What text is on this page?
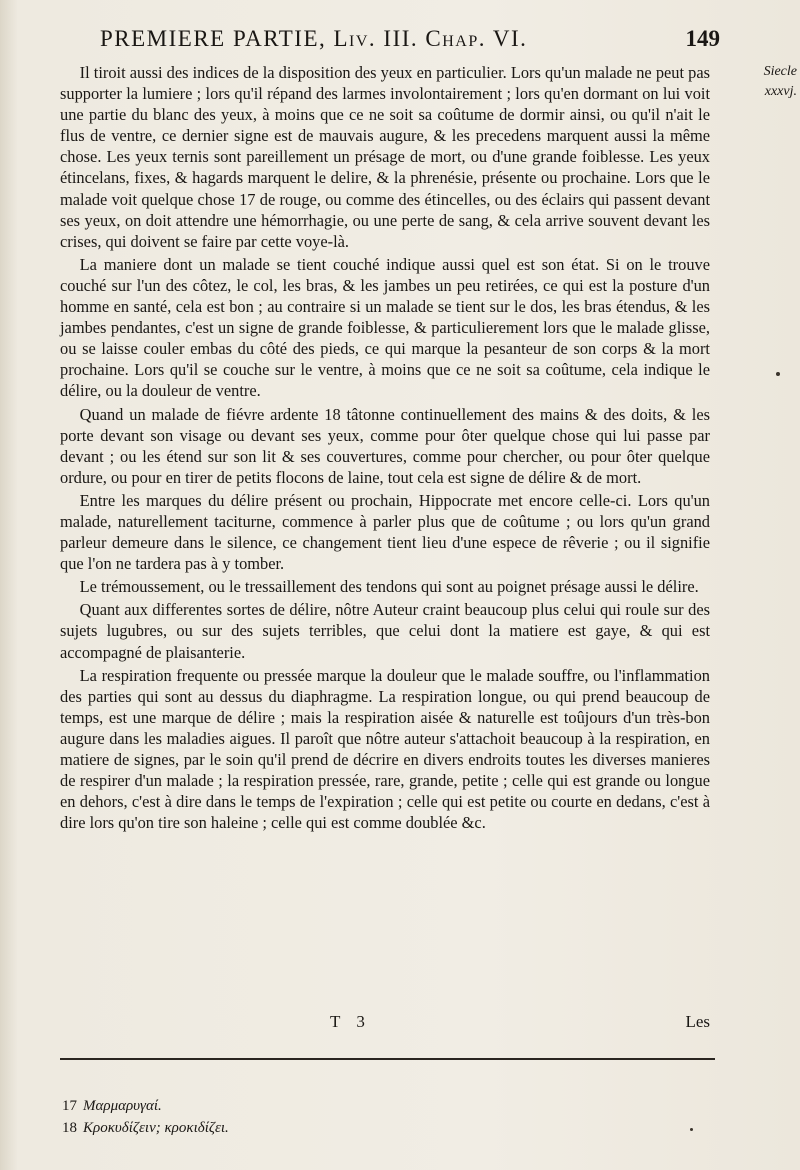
PREMIERE PARTIE, Liv. III. Chap. VI.	149
Siecle
xxxvj.

Il tiroit aussi des indices de la disposition des yeux en particulier. Lors qu'un malade ne peut pas supporter la lumiere ; lors qu'il répand des larmes involontairement ; lors qu'en dormant on lui voit une partie du blanc des yeux, à moins que ce ne soit sa coûtume de dormir ainsi, ou qu'il n'ait le flus de ventre, ce dernier signe est de mauvais augure, & les precedens marquent aussi la même chose. Les yeux ternis sont pareillement un présage de mort, ou d'une grande foiblesse. Les yeux étincelans, fixes, & hagards marquent le delire, & la phrenésie, présente ou prochaine. Lors que le malade voit quelque chose 17 de rouge, ou comme des étincelles, ou des éclairs qui passent devant ses yeux, on doit attendre une hémorrhagie, ou une perte de sang, & cela arrive souvent devant les crises, qui doivent se faire par cette voye-là.

La maniere dont un malade se tient couché indique aussi quel est son état. Si on le trouve couché sur l'un des côtez, le col, les bras, & les jambes un peu retirées, ce qui est la posture d'un homme en santé, cela est bon ; au contraire si un malade se tient sur le dos, les bras étendus, & les jambes pendantes, c'est un signe de grande foiblesse, & particulierement lors que le malade glisse, ou se laisse couler embas du côté des pieds, ce qui marque la pesanteur de son corps & la mort prochaine. Lors qu'il se couche sur le ventre, à moins que ce ne soit sa coûtume, cela indique le délire, ou la douleur de ventre.

Quand un malade de fiévre ardente 18 tâtonne continuellement des mains & des doits, & les porte devant son visage ou devant ses yeux, comme pour ôter quelque chose qui lui passe par devant ; ou les étend sur son lit & ses couvertures, comme pour chercher, ou pour ôter quelque ordure, ou pour en tirer de petits flocons de laine, tout cela est signe de délire & de mort.

Entre les marques du délire présent ou prochain, Hippocrate met encore celle-ci. Lors qu'un malade, naturellement taciturne, commence à parler plus que de coûtume ; ou lors qu'un grand parleur demeure dans le silence, ce changement tient lieu d'une espece de rêverie ; ou il signifie que l'on ne tardera pas à y tomber.

Le trémoussement, ou le tressaillement des tendons qui sont au poignet présage aussi le délire.

Quant aux differentes sortes de délire, nôtre Auteur craint beaucoup plus celui qui roule sur des sujets lugubres, ou sur des sujets terribles, que celui dont la matiere est gaye, & qui est accompagné de plaisanterie.

La respiration frequente ou pressée marque la douleur que le malade souffre, ou l'inflammation des parties qui sont au dessus du diaphragme. La respiration longue, ou qui prend beaucoup de temps, est une marque de délire ; mais la respiration aisée & naturelle est toûjours d'un très-bon augure dans les maladies aigues. Il paroît que nôtre auteur s'attachoit beaucoup à la respiration, en matiere de signes, par le soin qu'il prend de décrire en divers endroits toutes les diverses manieres de respirer d'un malade ; la respiration pressée, rare, grande, petite ; celle qui est grande ou longue en dehors, c'est à dire dans le temps de l'expiration ; celle qui est petite ou courte en dedans, c'est à dire lors qu'on tire son haleine ; celle qui est comme doublée &c.

T 3	Les
17 Μαρμαρυγαί.
18 Κροκυδίζειν; κροκιδίζει.
